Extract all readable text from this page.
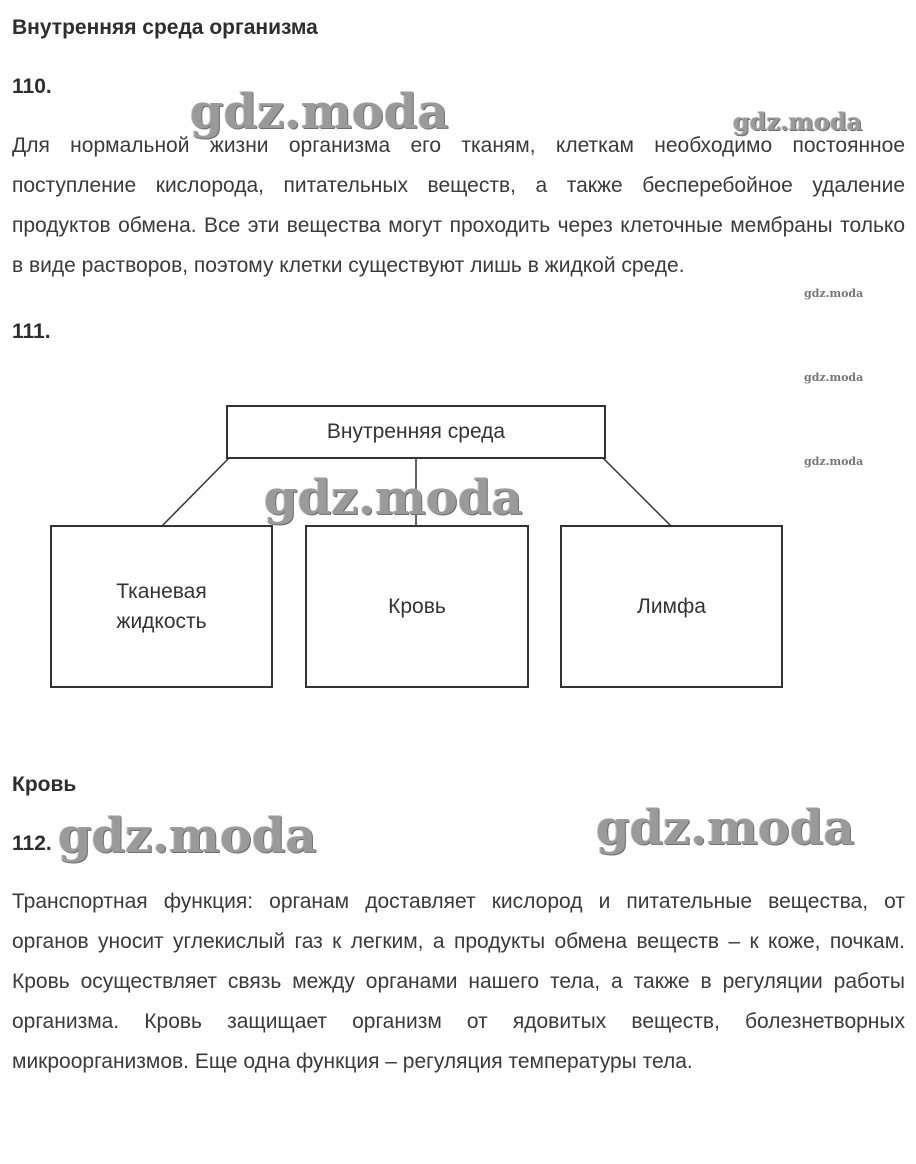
Внутренняя среда организма
110.

Для нормальной жизни организма его тканям, клеткам необходимо постоянное поступление кислорода, питательных веществ, а также бесперебойное удаление продуктов обмена. Все эти вещества могут проходить через клеточные мембраны только в виде растворов, поэтому клетки существуют лишь в жидкой среде.

111.
Внутренняя среда
Тканевая жидкость
Кровь	Лимфа
Кровь
112.

Транспортная функция: органам доставляет кислород и питательные вещества, от органов уносит углекислый газ к легким, а продукты обмена веществ – к коже, почкам. Кровь осуществляет связь между органами нашего тела, а также в регуляции работы организма. Кровь защищает организм от ядовитых веществ, болезнетворных микроорганизмов. Еще одна функция – регуляция температуры тела.

gdz.moda	gdz.moda
gdz.moda
gdz.moda
gdz.moda
gdz.moda
gdz.moda	gdz.moda
